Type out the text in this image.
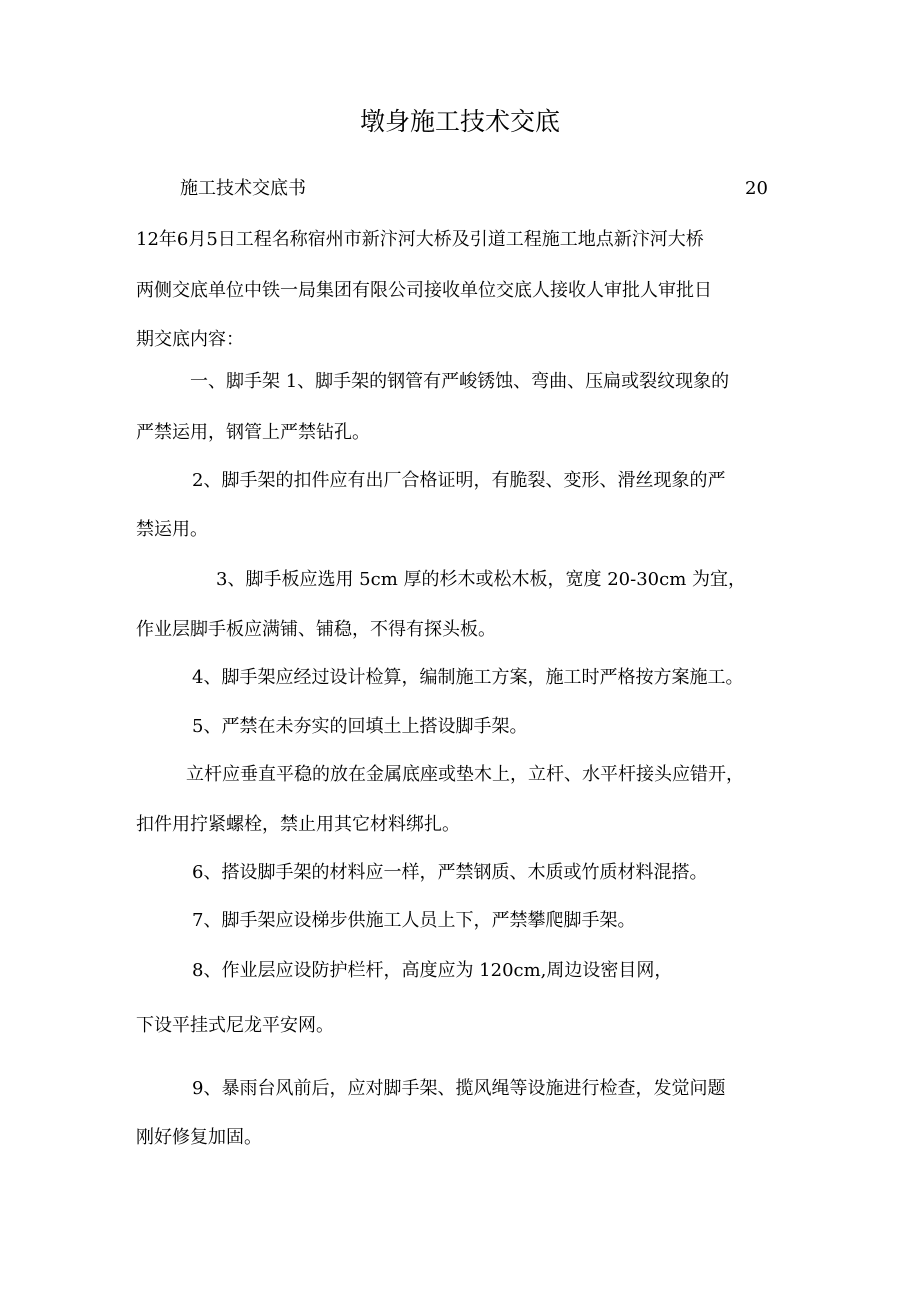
墩身施工技术交底
施工技术交底书	20
12年6月5日工程名称宿州市新汴河大桥及引道工程施工地点新汴河大桥
两侧交底单位中铁一局集团有限公司接收单位交底人接收人审批人审批日
期交底内容：
一、脚手架 1、脚手架的钢管有严峻锈蚀、弯曲、压扁或裂纹现象的
严禁运用，钢管上严禁钻孔。
2、脚手架的扣件应有出厂合格证明，有脆裂、变形、滑丝现象的严
禁运用。
3、脚手板应选用 5cm 厚的杉木或松木板，宽度 20-30cm 为宜，
作业层脚手板应满铺、铺稳，不得有探头板。
4、脚手架应经过设计检算，编制施工方案，施工时严格按方案施工。
5、严禁在未夯实的回填土上搭设脚手架。
立杆应垂直平稳的放在金属底座或垫木上，立杆、水平杆接头应错开，
扣件用拧紧螺栓，禁止用其它材料绑扎。
6、搭设脚手架的材料应一样，严禁钢质、木质或竹质材料混搭。
7、脚手架应设梯步供施工人员上下，严禁攀爬脚手架。
8、作业层应设防护栏杆，高度应为 120cm,周边设密目网，
下设平挂式尼龙平安网。
9、暴雨台风前后，应对脚手架、揽风绳等设施进行检查，发觉问题
刚好修复加固。
